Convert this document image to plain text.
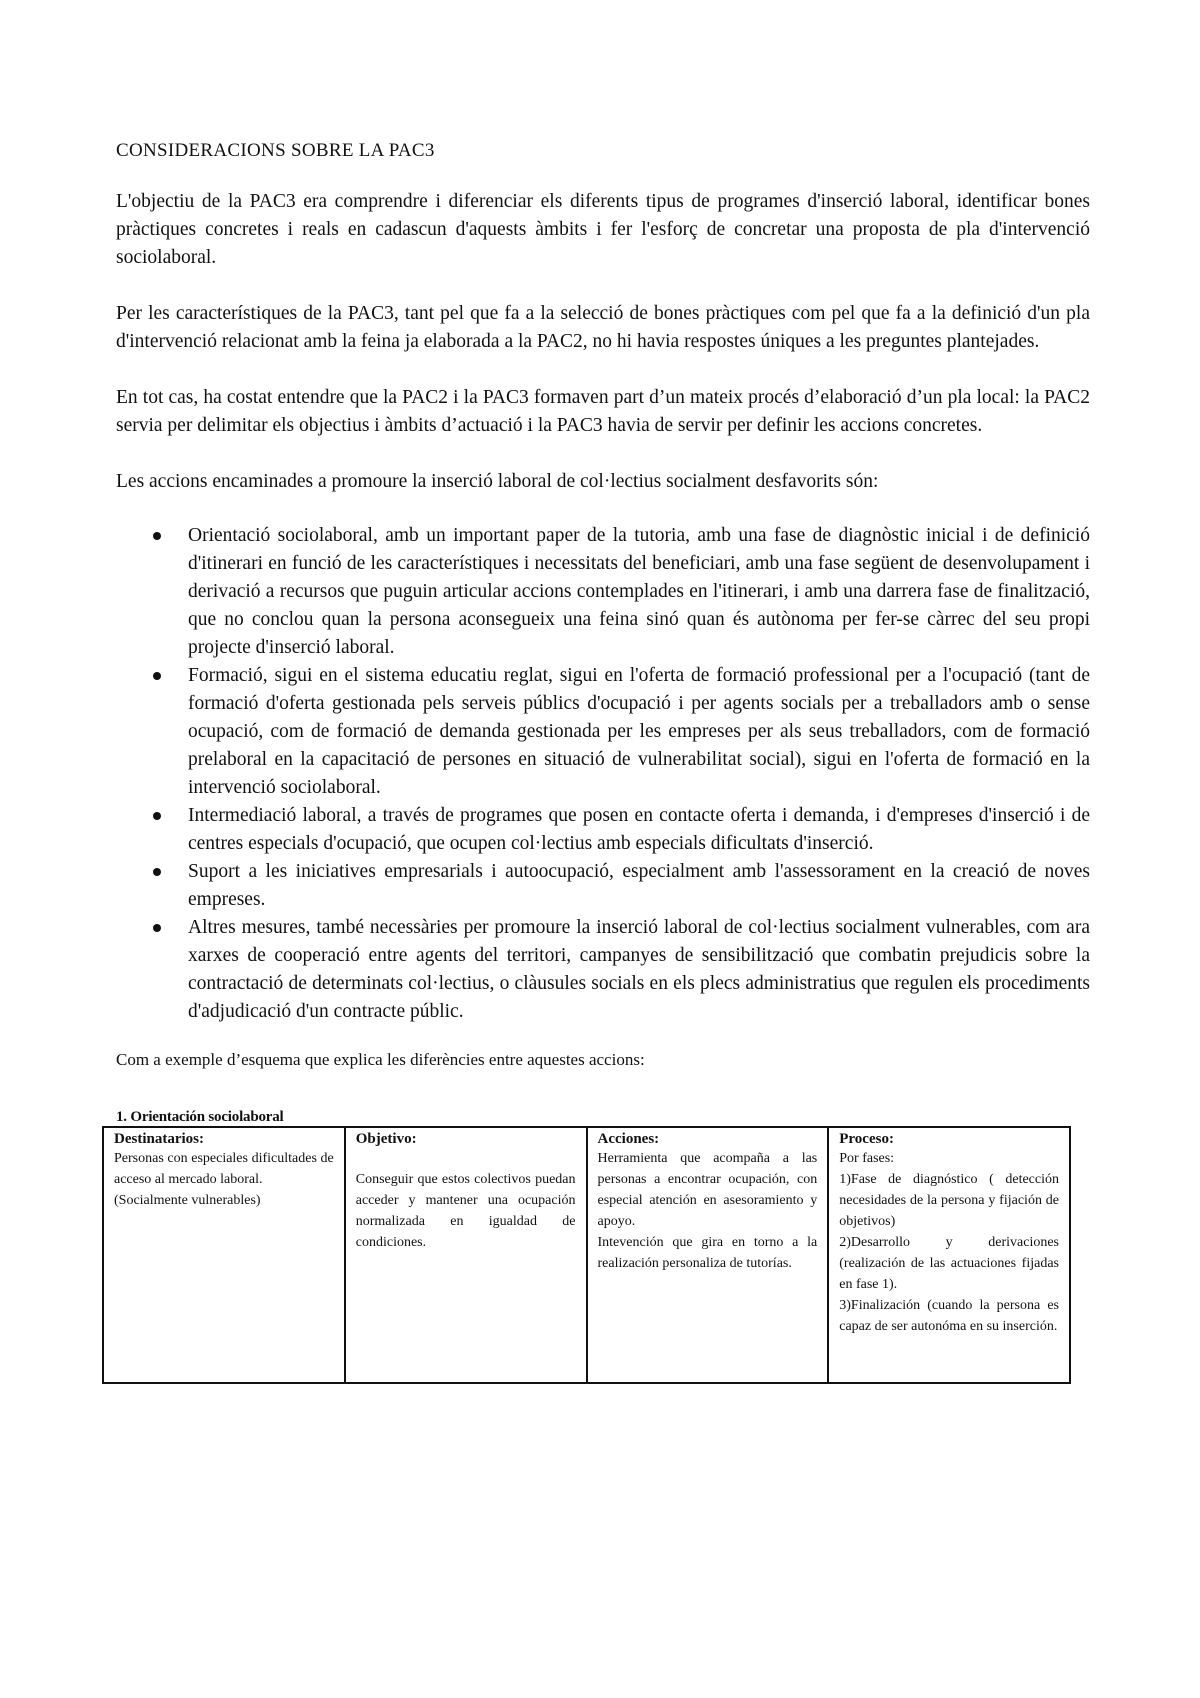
CONSIDERACIONS SOBRE LA PAC3

L'objectiu de la PAC3 era comprendre i diferenciar els diferents tipus de programes d'inserció laboral, identificar bones pràctiques concretes i reals en cadascun d'aquests àmbits i fer l'esforç de concretar una proposta de pla d'intervenció sociolaboral.

Per les característiques de la PAC3, tant pel que fa a la selecció de bones pràctiques com pel que fa a la definició d'un pla d'intervenció relacionat amb la feina ja elaborada a la PAC2, no hi havia respostes úniques a les preguntes plantejades.

En tot cas, ha costat entendre que la PAC2 i la PAC3 formaven part d’un mateix procés d’elaboració d’un pla local: la PAC2 servia per delimitar els objectius i àmbits d’actuació i la PAC3 havia de servir per definir les accions concretes.

Les accions encaminades a promoure la inserció laboral de col·lectius socialment desfavorits són:

Orientació sociolaboral, amb un important paper de la tutoria, amb una fase de diagnòstic inicial i de definició d'itinerari en funció de les característiques i necessitats del beneficiari, amb una fase següent de desenvolupament i derivació a recursos que puguin articular accions contemplades en l'itinerari, i amb una darrera fase de finalització, que no conclou quan la persona aconsegueix una feina sinó quan és autònoma per fer-se càrrec del seu propi projecte d'inserció laboral.
Formació, sigui en el sistema educatiu reglat, sigui en l'oferta de formació professional per a l'ocupació (tant de formació d'oferta gestionada pels serveis públics d'ocupació i per agents socials per a treballadors amb o sense ocupació, com de formació de demanda gestionada per les empreses per als seus treballadors, com de formació prelaboral en la capacitació de persones en situació de vulnerabilitat social), sigui en l'oferta de formació en la intervenció sociolaboral.
Intermediació laboral, a través de programes que posen en contacte oferta i demanda, i d'empreses d'inserció i de centres especials d'ocupació, que ocupen col·lectius amb especials dificultats d'inserció.
Suport a les iniciatives empresarials i autoocupació, especialment amb l'assessorament en la creació de noves empreses.
Altres mesures, també necessàries per promoure la inserció laboral de col·lectius socialment vulnerables, com ara xarxes de cooperació entre agents del territori, campanyes de sensibilització que combatin prejudicis sobre la contractació de determinats col·lectius, o clàusules socials en els plecs administratius que regulen els procediments d'adjudicació d'un contracte públic.
Com a exemple d’esquema que explica les diferències entre aquestes accions:
1. Orientación sociolaboral
Destinatarios:
Personas con especiales dificultades de acceso al mercado laboral.
(Socialmente vulnerables)

Objetivo:
Conseguir que estos colectivos puedan acceder y mantener una ocupación normalizada en igualdad de condiciones.

Acciones:
Herramienta que acompaña a las personas a encontrar ocupación, con especial atención en asesoramiento y apoyo.
Intevención que gira en torno a la realización personaliza de tutorías.

Proceso:
Por fases:
1)Fase de diagnóstico ( detección necesidades de la persona y fijación de objetivos)
2)Desarrollo y derivaciones (realización de las actuaciones fijadas en fase 1).
3)Finalización (cuando la persona es capaz de ser autonóma en su inserción.
